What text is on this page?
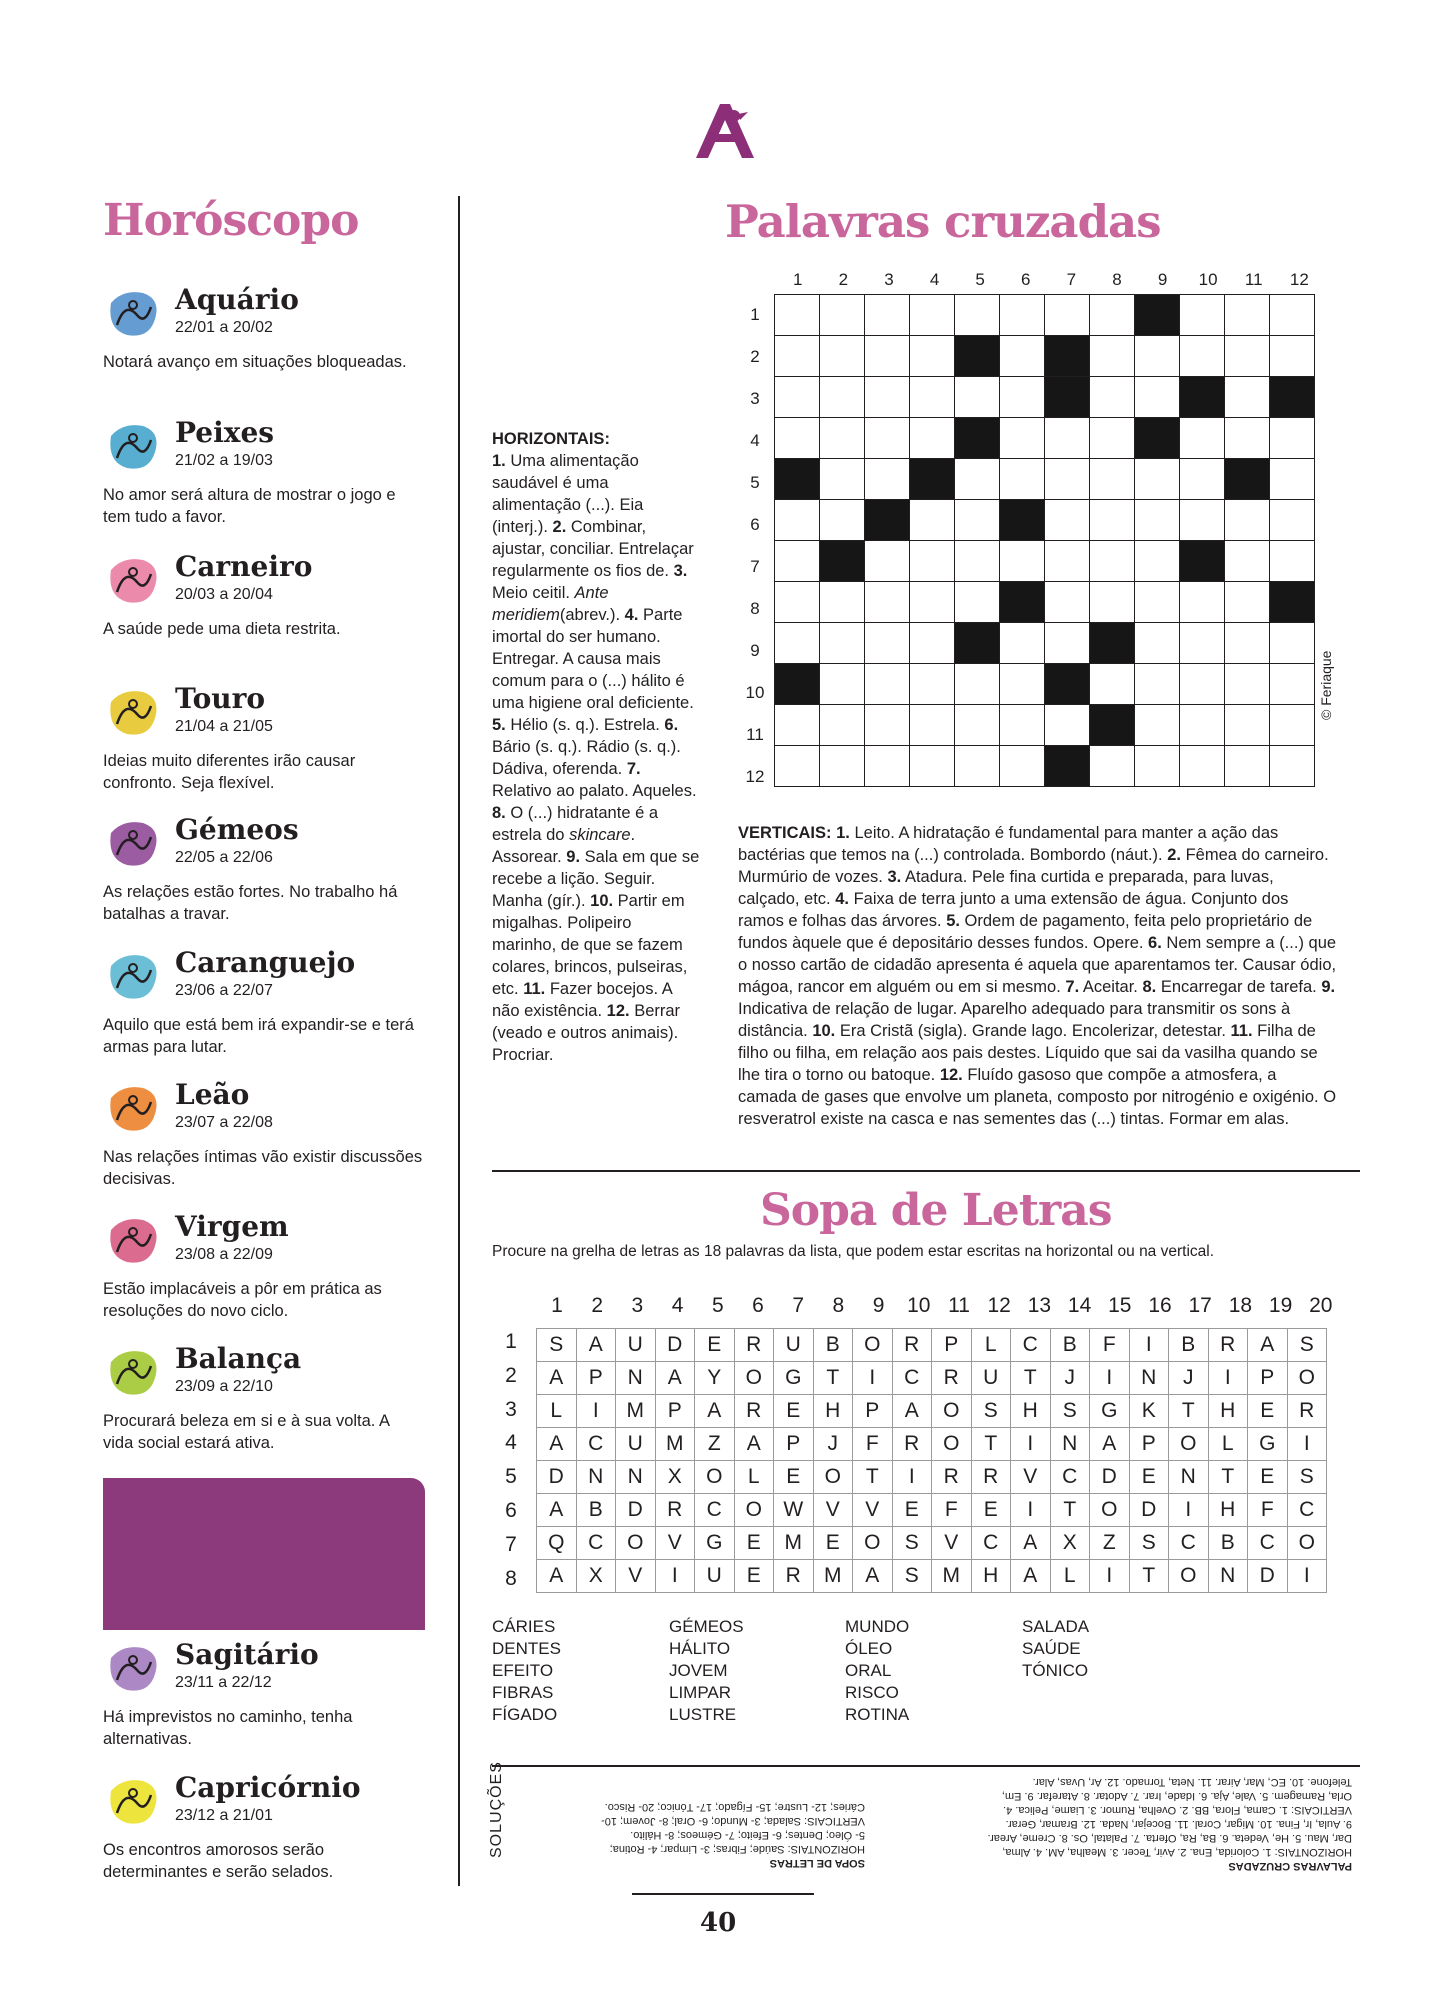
Horóscopo	Palavras cruzadas
Sopa de Letras
Aquário
22/01 a 20/02
Notará avanço em situações bloqueadas.
Peixes
21/02 a 19/03
No amor será altura de mostrar o jogo e tem tudo a favor.
Carneiro
20/03 a 20/04
A saúde pede uma dieta restrita.
Touro
21/04 a 21/05
Ideias muito diferentes irão causar confronto. Seja flexível.
Gémeos
22/05 a 22/06
As relações estão fortes. No trabalho há batalhas a travar.
Caranguejo
23/06 a 22/07
Aquilo que está bem irá expandir-se e terá armas para lutar.
Leão
23/07 a 22/08
Nas relações íntimas vão existir discussões decisivas.
Virgem
23/08 a 22/09
Estão implacáveis a pôr em prática as resoluções do novo ciclo.
Balança
23/09 a 22/10
Procurará beleza em si e à sua volta. A vida social estará ativa.
Sagitário
23/11 a 22/12
Há imprevistos no caminho, tenha alternativas.
Capricórnio
23/12 a 21/01
Os encontros amorosos serão determinantes e serão selados.
1	2	3	4	5	6	7	8	9	10	11	12
1
2
3
4
5
6
7
8
9
10
11
12

© Feriaque
HORIZONTAIS:
1. Uma alimentação saudável é uma alimentação (...). Eia (interj.). 2. Combinar, ajustar, conciliar. Entrelaçar regularmente os fios de. 3. Meio ceitil. Ante meridiem(abrev.). 4. Parte imortal do ser humano. Entregar. A causa mais comum para o (...) hálito é uma higiene oral deficiente. 5. Hélio (s. q.). Estrela. 6. Bário (s. q.). Rádio (s. q.). Dádiva, oferenda. 7. Relativo ao palato. Aqueles. 8. O (...) hidratante é a estrela do skincare. Assorear. 9. Sala em que se recebe a lição. Seguir. Manha (gír.). 10. Partir em migalhas. Polipeiro marinho, de que se fazem colares, brincos, pulseiras, etc. 11. Fazer bocejos. A não existência. 12. Berrar (veado e outros animais). Procriar.
VERTICAIS: 1. Leito. A hidratação é fundamental para manter a ação das bactérias que temos na (...) controlada. Bombordo (náut.). 2. Fêmea do carneiro. Murmúrio de vozes. 3. Atadura. Pele fina curtida e preparada, para luvas, calçado, etc. 4. Faixa de terra junto a uma extensão de água. Conjunto dos ramos e folhas das árvores. 5. Ordem de pagamento, feita pelo proprietário de fundos àquele que é depositário desses fundos. Opere. 6. Nem sempre a (...) que o nosso cartão de cidadão apresenta é aquela que aparentamos ter. Causar ódio, mágoa, rancor em alguém ou em si mesmo. 7. Aceitar. 8. Encarregar de tarefa. 9. Indicativa de relação de lugar. Aparelho adequado para transmitir os sons à distância. 10. Era Cristã (sigla). Grande lago. Encolerizar, detestar. 11. Filha de filho ou filha, em relação aos pais destes. Líquido que sai da vasilha quando se lhe tira o torno ou batoque. 12. Fluído gasoso que compõe a atmosfera, a camada de gases que envolve um planeta, composto por nitrogénio e oxigénio. O resveratrol existe na casca e nas sementes das (...) tintas. Formar em alas.
Procure na grelha de letras as 18 palavras da lista, que podem estar escritas na horizontal ou na vertical.
1	2	3	4	5	6	7	8	9	10 11 12 13 14 15 16 17 18 19 20
1
2
3
4
5
6
7
8
S	A	U	D	E	R	U	B	O	R	P	L	C	B	F	I	B	R	A	S
A	P	N	A	Y	O	G	T	I	C	R	U	T	J	I	N	J	I	P	O
L	I	M	P	A	R	E	H	P	A	O	S	H	S	G	K	T	H	E	R
A	C	U	M	Z	A	P	J	F	R	O	T	I	N	A	P	O	L	G	I
D	N	N	X	O	L	E	O	T	I	R	R	V	C	D	E	N	T	E	S
A	B	D	R	C	O	W	V	V	E	F	E	I	T	O	D	I	H	F	C
Q	C	O	V	G	E	M	E	O	S	V	C	A	X	Z	S	C	B	C	O
A	X	V	I	U	E	R	M	A	S	M	H	A	L	I	T	O	N	D	I
CÁRIES
DENTES
EFEITO
FIBRAS
FÍGADO
GÉMEOS
HÁLITO
JOVEM
LIMPAR
LUSTRE
MUNDO
ÓLEO
ORAL
RISCO
ROTINA
SALADA
SAÚDE
TÓNICO
SOLUÇÕES
SOPA DE LETRAS
HORIZONTAIS: Saúde; Fibras; 3- Limpar; 4- Rotina;
5- Óleo; Dentes; 6- Efeito; 7- Gémeos; 8- Hálito.
VERTICAIS: Salada; 3- Mundo; 6- Oral; 8- Jovem; 10-
Cáries; 12- Lustre; 15- Fígado; 17- Tónico; 20- Risco.
PALAVRAS CRUZADAS
HORIZONTAIS: 1. Colorida, Ena. 2. Avir, Tecer. 3. Mealha, AM. 4. Alma,
Dar, Mau. 5. He, Vedeta. 6. Ba, Ra, Oferta. 7. Palatal, Os. 8. Creme, Arear.
9. Aula, Ir, Fina. 10. Migar, Coral. 11. Bocejar, Nada. 12. Bramar, Gerar.
VERTICAIS: 1. Cama, Flora, BB. 2. Ovelha, Rumor. 3. Liame, Pelica. 4.
Orla, Ramagem. 5. Vale, Aja. 6. Idade, Irar. 7. Adotar. 8. Atarefar. 9. Em,
Telefone. 10. EC, Mar, Airar. 11. Neta, Tornado. 12. Ar, Uvas, Alar.
40
